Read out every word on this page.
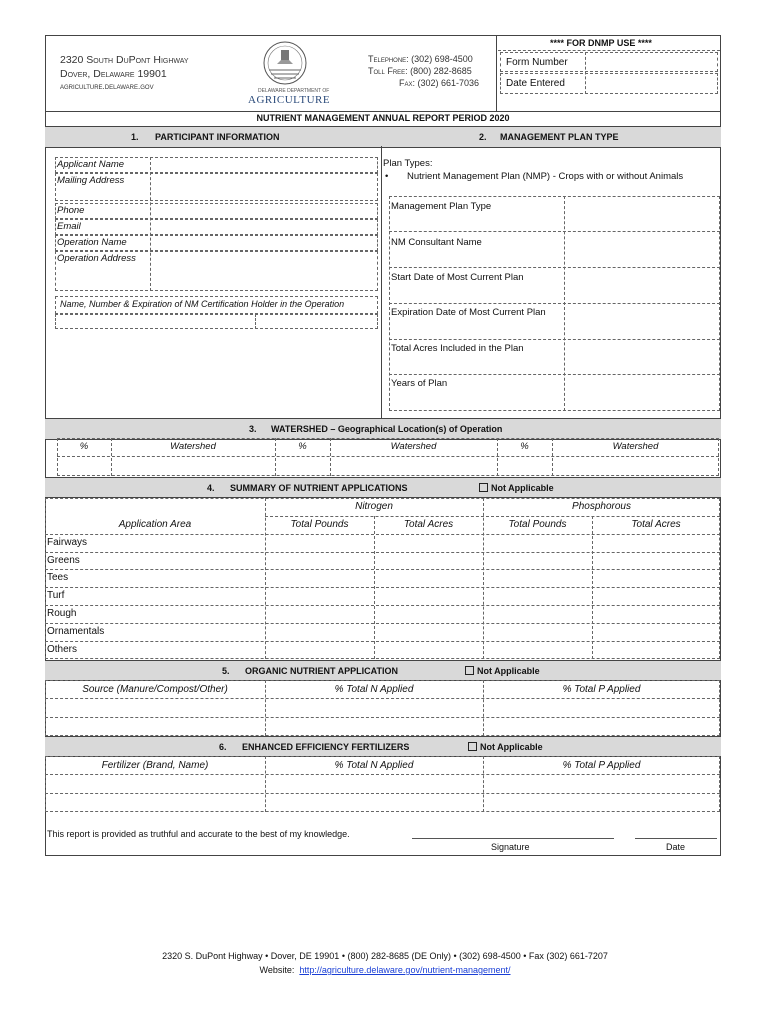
2320 South DuPont Highway
Dover, Delaware 19901
agriculture.delaware.gov	DELAWARE DEPARTMENT OF
AGRICULTURE
Telephone: (302) 698-4500
Toll Free: (800) 282-8685
Fax: (302) 661-7036
**** FOR DNMP USE ****
Form Number
Date Entered
NUTRIENT MANAGEMENT ANNUAL REPORT PERIOD 2020
1. PARTICIPANT INFORMATION	2. MANAGEMENT PLAN TYPE
Applicant Name
Mailing Address
Phone
Email
Operation Name
Operation Address
Name, Number & Expiration of NM Certification Holder in the Operation
Plan Types:
• Nutrient Management Plan (NMP) - Crops with or without Animals
Management Plan Type
NM Consultant Name
Start Date of Most Current Plan
Expiration Date of Most Current Plan
Total Acres Included in the Plan
Years of Plan
3. WATERSHED – Geographical Location(s) of Operation
%	Watershed	%	Watershed	%	Watershed
4. SUMMARY OF NUTRIENT APPLICATIONS	Not Applicable
Nitrogen	Phosphorous
Application Area	Total Pounds	Total Acres	Total Pounds	Total Acres
Fairways
Greens
Tees
Turf
Rough
Ornamentals
Others
5. ORGANIC NUTRIENT APPLICATION	Not Applicable
Source (Manure/Compost/Other)	% Total N Applied	% Total P Applied
6. ENHANCED EFFICIENCY FERTILIZERS	Not Applicable
Fertilizer (Brand, Name)	% Total N Applied	% Total P Applied
This report is provided as truthful and accurate to the best of my knowledge.
Signature	Date
2320 S. DuPont Highway • Dover, DE 19901 • (800) 282-8685 (DE Only) • (302) 698-4500 • Fax (302) 661-7207
Website: http://agriculture.delaware.gov/nutrient-management/
